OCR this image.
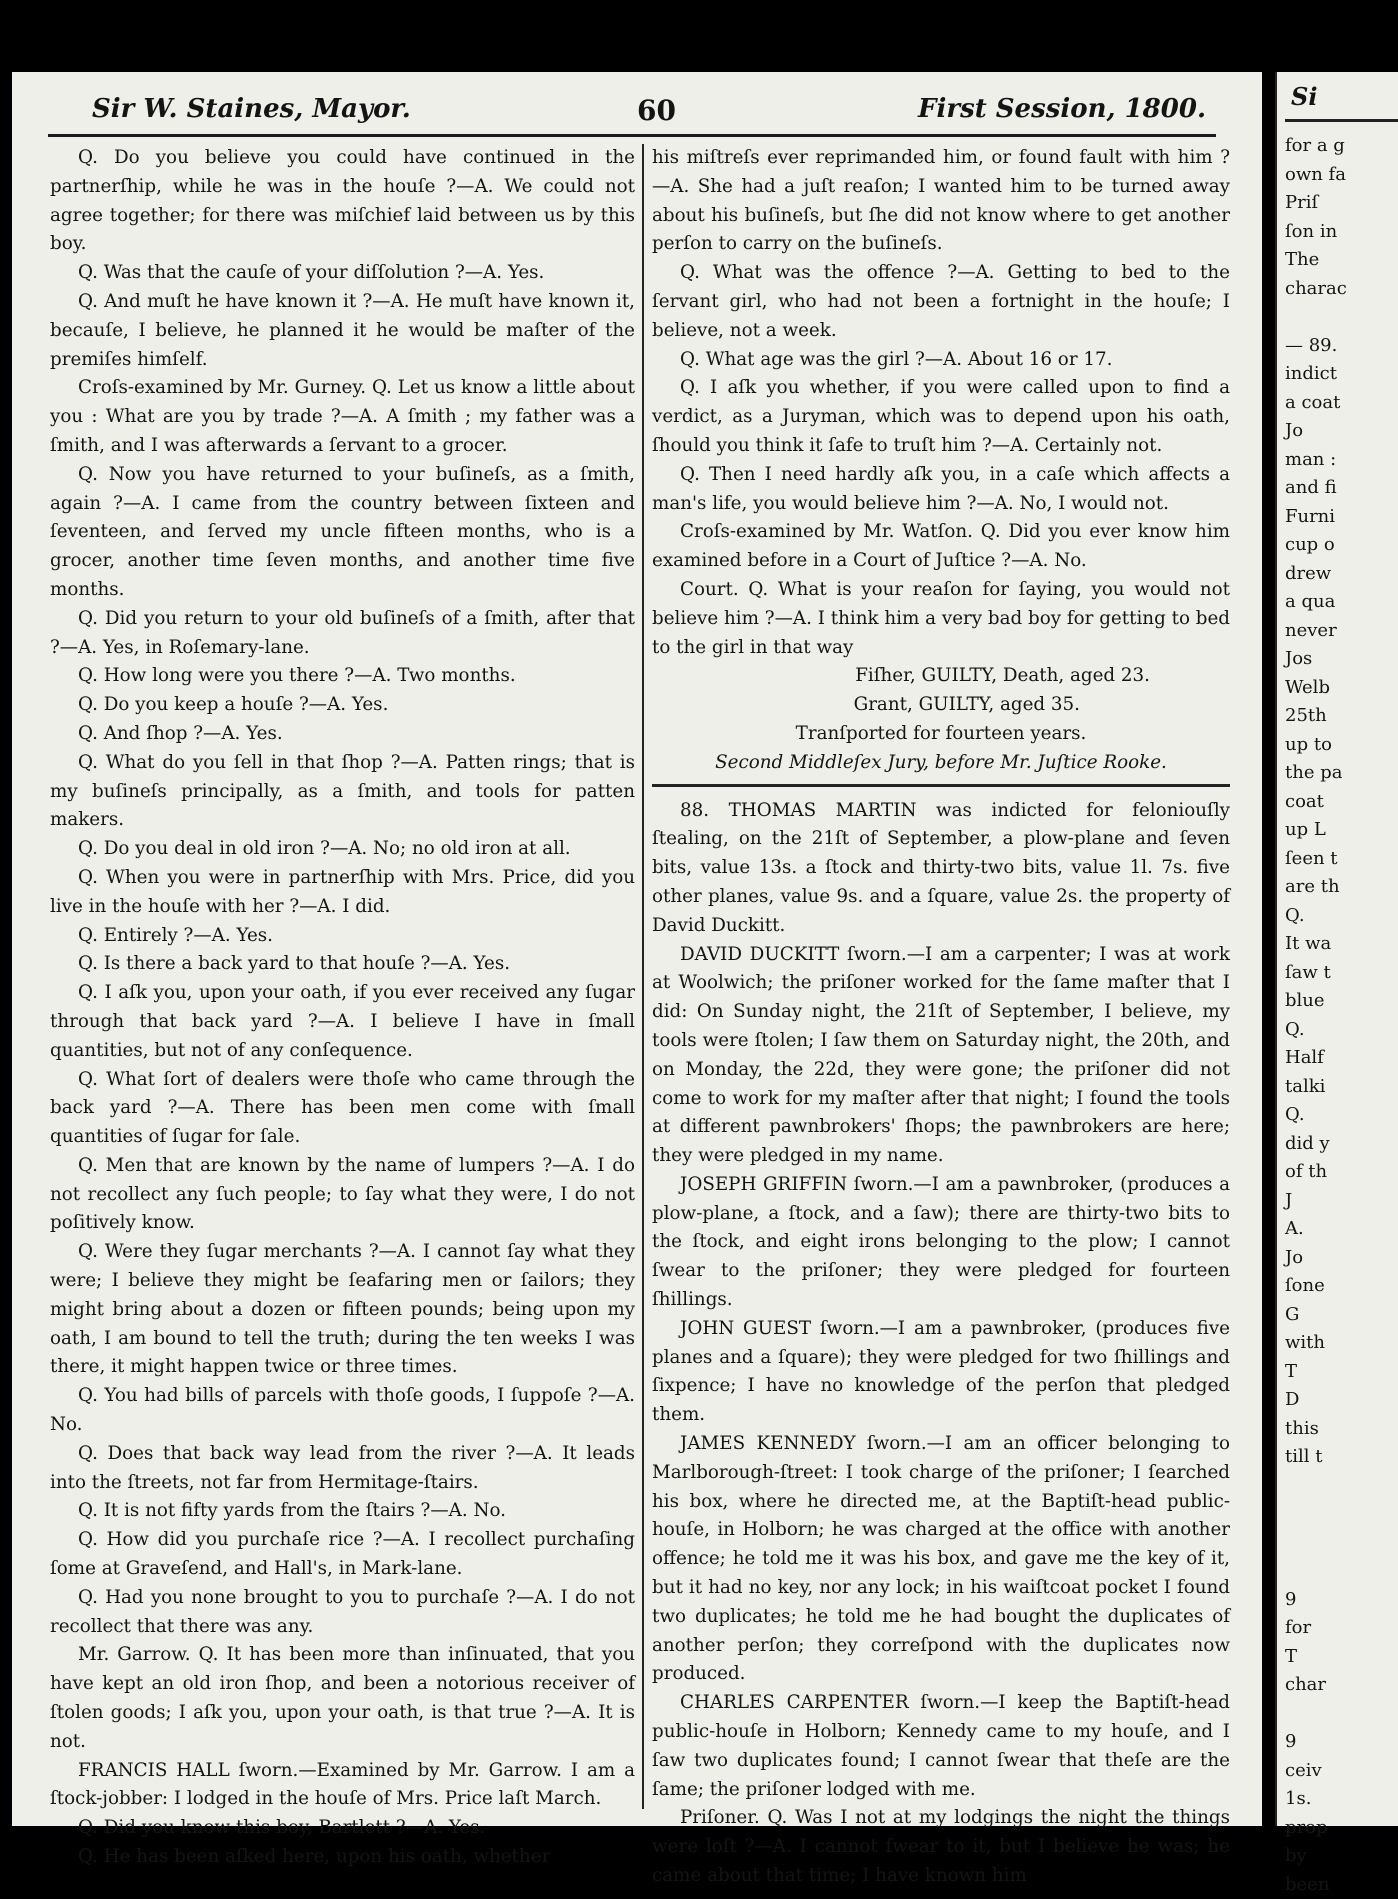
Sir W. Staines, Mayor.	60	First Session, 1800.

Q. Do you believe you could have continued in the partnerſhip, while he was in the houſe ?—A. We could not agree together; for there was miſchief laid between us by this boy.

Q. Was that the cauſe of your diſſolution ?—A. Yes.

Q. And muſt he have known it ?—A. He muſt have known it, becauſe, I believe, he planned it he would be maſter of the premiſes himſelf.

Croſs-examined by Mr. Gurney. Q. Let us know a little about you : What are you by trade ?—A. A ſmith ; my father was a ſmith, and I was afterwards a ſervant to a grocer.

Q. Now you have returned to your buſineſs, as a ſmith, again ?—A. I came from the country between ſixteen and ſeventeen, and ſerved my uncle fifteen months, who is a grocer, another time ſeven months, and another time five months.

Q. Did you return to your old buſineſs of a ſmith, after that ?—A. Yes, in Roſemary-lane.

Q. How long were you there ?—A. Two months.

Q. Do you keep a houſe ?—A. Yes.

Q. And ſhop ?—A. Yes.

Q. What do you ſell in that ſhop ?—A. Patten rings; that is my buſineſs principally, as a ſmith, and tools for patten makers.

Q. Do you deal in old iron ?—A. No; no old iron at all.

Q. When you were in partnerſhip with Mrs. Price, did you live in the houſe with her ?—A. I did.

Q. Entirely ?—A. Yes.

Q. Is there a back yard to that houſe ?—A. Yes.

Q. I aſk you, upon your oath, if you ever received any ſugar through that back yard ?—A. I believe I have in ſmall quantities, but not of any conſequence.

Q. What ſort of dealers were thoſe who came through the back yard ?—A. There has been men come with ſmall quantities of ſugar for ſale.

Q. Men that are known by the name of lumpers ?—A. I do not recollect any ſuch people; to ſay what they were, I do not poſitively know.

Q. Were they ſugar merchants ?—A. I cannot ſay what they were; I believe they might be ſeafaring men or ſailors; they might bring about a dozen or fifteen pounds; being upon my oath, I am bound to tell the truth; during the ten weeks I was there, it might happen twice or three times.

Q. You had bills of parcels with thoſe goods, I ſuppoſe ?—A. No.

Q. Does that back way lead from the river ?—A. It leads into the ſtreets, not far from Hermitage-ſtairs.

Q. It is not fifty yards from the ſtairs ?—A. No.

Q. How did you purchaſe rice ?—A. I recollect purchaſing ſome at Graveſend, and Hall's, in Mark-lane.

Q. Had you none brought to you to purchaſe ?—A. I do not recollect that there was any.

Mr. Garrow. Q. It has been more than inſinuated, that you have kept an old iron ſhop, and been a notorious receiver of ſtolen goods; I aſk you, upon your oath, is that true ?—A. It is not.

FRANCIS HALL ſworn.—Examined by Mr. Garrow. I am a ſtock-jobber: I lodged in the houſe of Mrs. Price laſt March.

Q. Did you know this boy, Bartlett ?—A. Yes.

Q. He has been aſked here, upon his oath, whether

his miſtreſs ever reprimanded him, or found fault with him ?—A. She had a juſt reaſon; I wanted him to be turned away about his buſineſs, but ſhe did not know where to get another perſon to carry on the buſineſs.

Q. What was the offence ?—A. Getting to bed to the ſervant girl, who had not been a fortnight in the houſe; I believe, not a week.

Q. What age was the girl ?—A. About 16 or 17.

Q. I aſk you whether, if you were called upon to find a verdict, as a Juryman, which was to depend upon his oath, ſhould you think it ſafe to truſt him ?—A. Certainly not.

Q. Then I need hardly aſk you, in a caſe which affects a man's life, you would believe him ?—A. No, I would not.

Croſs-examined by Mr. Watſon. Q. Did you ever know him examined before in a Court of Juſtice ?—A. No.

Court. Q. What is your reaſon for ſaying, you would not believe him ?—A. I think him a very bad boy for getting to bed to the girl in that way

Fiſher, GUILTY, Death, aged 23.

Grant, GUILTY, aged 35.

Tranſported for fourteen years.

Second Middleſex Jury, before Mr. Juſtice Rooke.

88. THOMAS MARTIN was indicted for feloniouſly ſtealing, on the 21ſt of September, a plow-plane and ſeven bits, value 13s. a ſtock and thirty-two bits, value 1l. 7s. five other planes, value 9s. and a ſquare, value 2s. the property of David Duckitt.

DAVID DUCKITT ſworn.—I am a carpenter; I was at work at Woolwich; the priſoner worked for the ſame maſter that I did: On Sunday night, the 21ſt of September, I believe, my tools were ſtolen; I ſaw them on Saturday night, the 20th, and on Monday, the 22d, they were gone; the priſoner did not come to work for my maſter after that night; I found the tools at different pawnbrokers' ſhops; the pawnbrokers are here; they were pledged in my name.

JOSEPH GRIFFIN ſworn.—I am a pawnbroker, (produces a plow-plane, a ſtock, and a ſaw); there are thirty-two bits to the ſtock, and eight irons belonging to the plow; I cannot ſwear to the priſoner; they were pledged for fourteen ſhillings.

JOHN GUEST ſworn.—I am a pawnbroker, (produces five planes and a ſquare); they were pledged for two ſhillings and ſixpence; I have no knowledge of the perſon that pledged them.

JAMES KENNEDY ſworn.—I am an officer belonging to Marlborough-ſtreet: I took charge of the priſoner; I ſearched his box, where he directed me, at the Baptiſt-head public-houſe, in Holborn; he was charged at the office with another offence; he told me it was his box, and gave me the key of it, but it had no key, nor any lock; in his waiſtcoat pocket I found two duplicates; he told me he had bought the duplicates of another perſon; they correſpond with the duplicates now produced.

CHARLES CARPENTER ſworn.—I keep the Baptiſt-head public-houſe in Holborn; Kennedy came to my houſe, and I ſaw two duplicates found; I cannot ſwear that theſe are the ſame; the priſoner lodged with me.

Priſoner. Q. Was I not at my lodgings the night the things were loſt ?—A. I cannot ſwear to it, but I believe he was; he came about that time; I have known him

Si
for a g
own fa
Priſ
ſon in
The
charac

— 89.
indict
a coat
Jo
man :
and fi
Furni
cup o
drew
a qua
never
Jos
Welb
25th
up to
the pa
coat
up L
ſeen t
are th
Q.
It wa
ſaw t
blue
Q.
Half
talki
Q.
did y
of th
J
A.
Jo
ſone
G
with
T
D
this
till t

9
for
T
char

9
ceiv
1s.
prop
by
been
